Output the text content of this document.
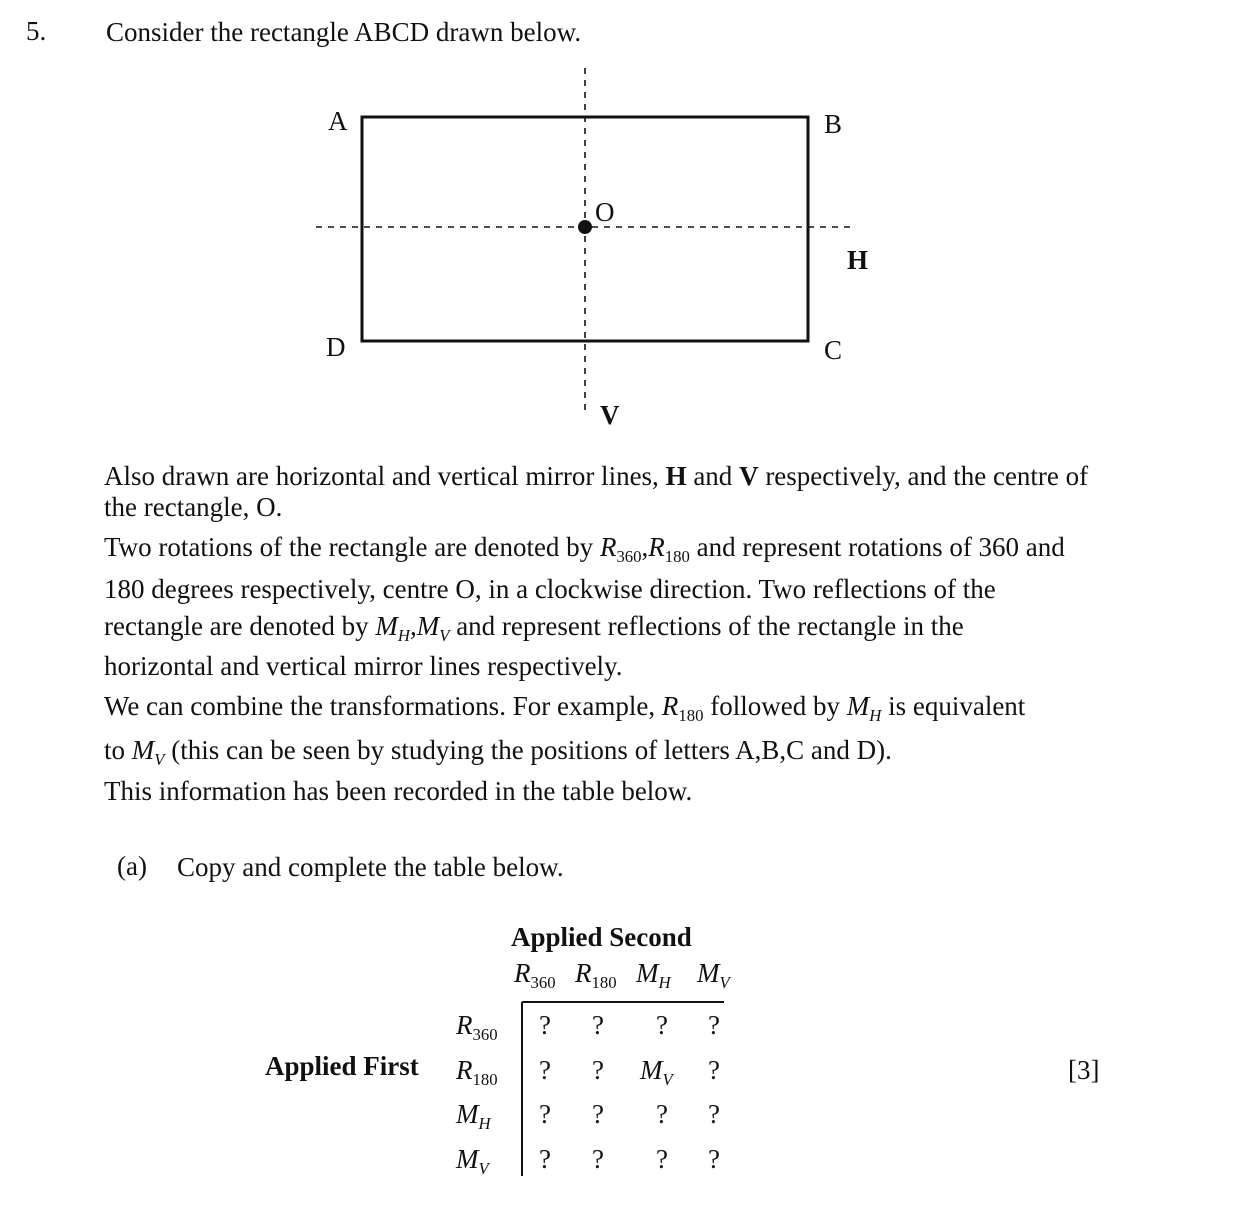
5. Consider the rectangle ABCD drawn below.
A	B
C
D
O
H
V
Also drawn are horizontal and vertical mirror lines, H and V respectively, and the centre of
the rectangle, O.
Two rotations of the rectangle are denoted by $R_{360},R_{180}$ and represent rotations of 360 and
180 degrees respectively, centre O, in a clockwise direction. Two reflections of the
rectangle are denoted by $M_H,M_V$ and represent reflections of the rectangle in the
horizontal and vertical mirror lines respectively.
We can combine the transformations. For example, $R_{180}$ followed by $M_H$ is equivalent
to $M_V$ (this can be seen by studying the positions of letters A,B,C and D).
This information has been recorded in the table below.
(a) Copy and complete the table below.
[3]
Applied Second
Applied First
$R_{360}$ $R_{180}$ $M_H$ $M_V$
$R_{360}$
$R_{180}$
$M_H$
$M_V$
? ? ? ?
? ? $M_V$ ?
? ? ? ?
? ? ? ?
